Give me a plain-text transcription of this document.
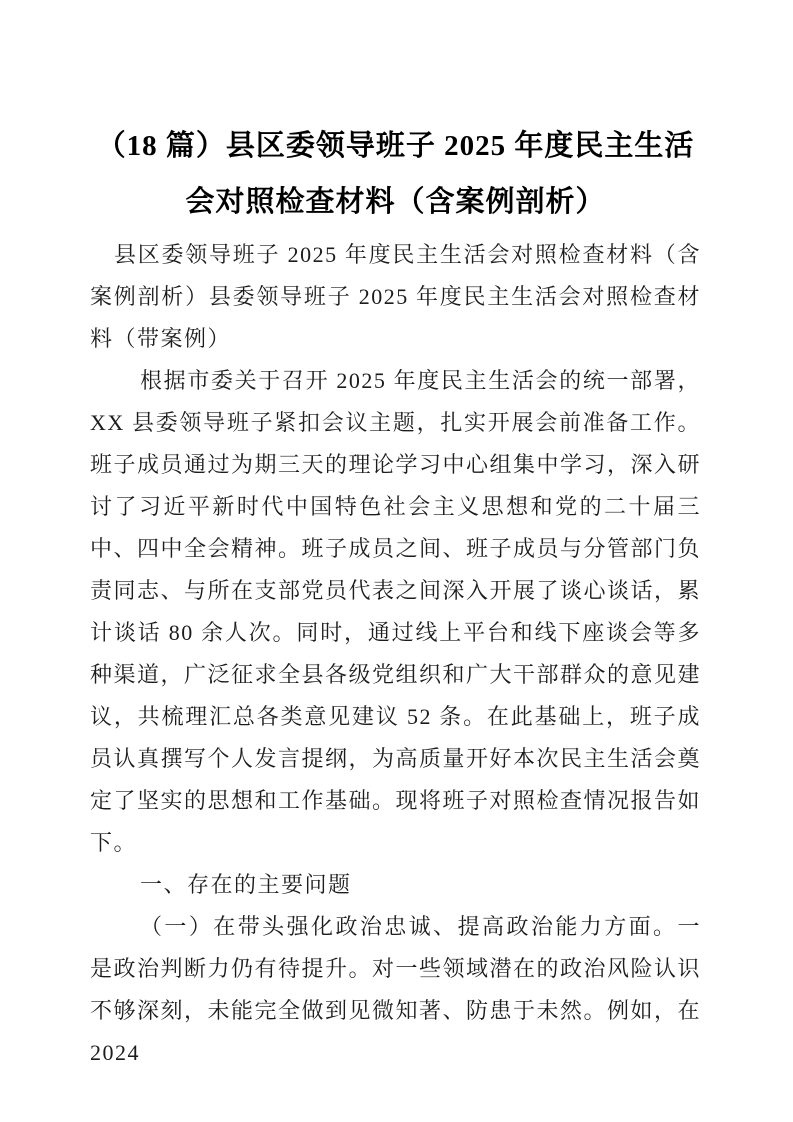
（18 篇）县区委领导班子 2025 年度民主生活会对照检查材料（含案例剖析）

县区委领导班子 2025 年度民主生活会对照检查材料（含案例剖析）县委领导班子 2025 年度民主生活会对照检查材料（带案例）

根据市委关于召开 2025 年度民主生活会的统一部署，XX 县委领导班子紧扣会议主题，扎实开展会前准备工作。班子成员通过为期三天的理论学习中心组集中学习，深入研讨了习近平新时代中国特色社会主义思想和党的二十届三中、四中全会精神。班子成员之间、班子成员与分管部门负责同志、与所在支部党员代表之间深入开展了谈心谈话，累计谈话 80 余人次。同时，通过线上平台和线下座谈会等多种渠道，广泛征求全县各级党组织和广大干部群众的意见建议，共梳理汇总各类意见建议 52 条。在此基础上，班子成员认真撰写个人发言提纲，为高质量开好本次民主生活会奠定了坚实的思想和工作基础。现将班子对照检查情况报告如下。

一、存在的主要问题

（一）在带头强化政治忠诚、提高政治能力方面。一是政治判断力仍有待提升。对一些领域潜在的政治风险认识不够深刻，未能完全做到见微知著、防患于未然。例如，在 2024
